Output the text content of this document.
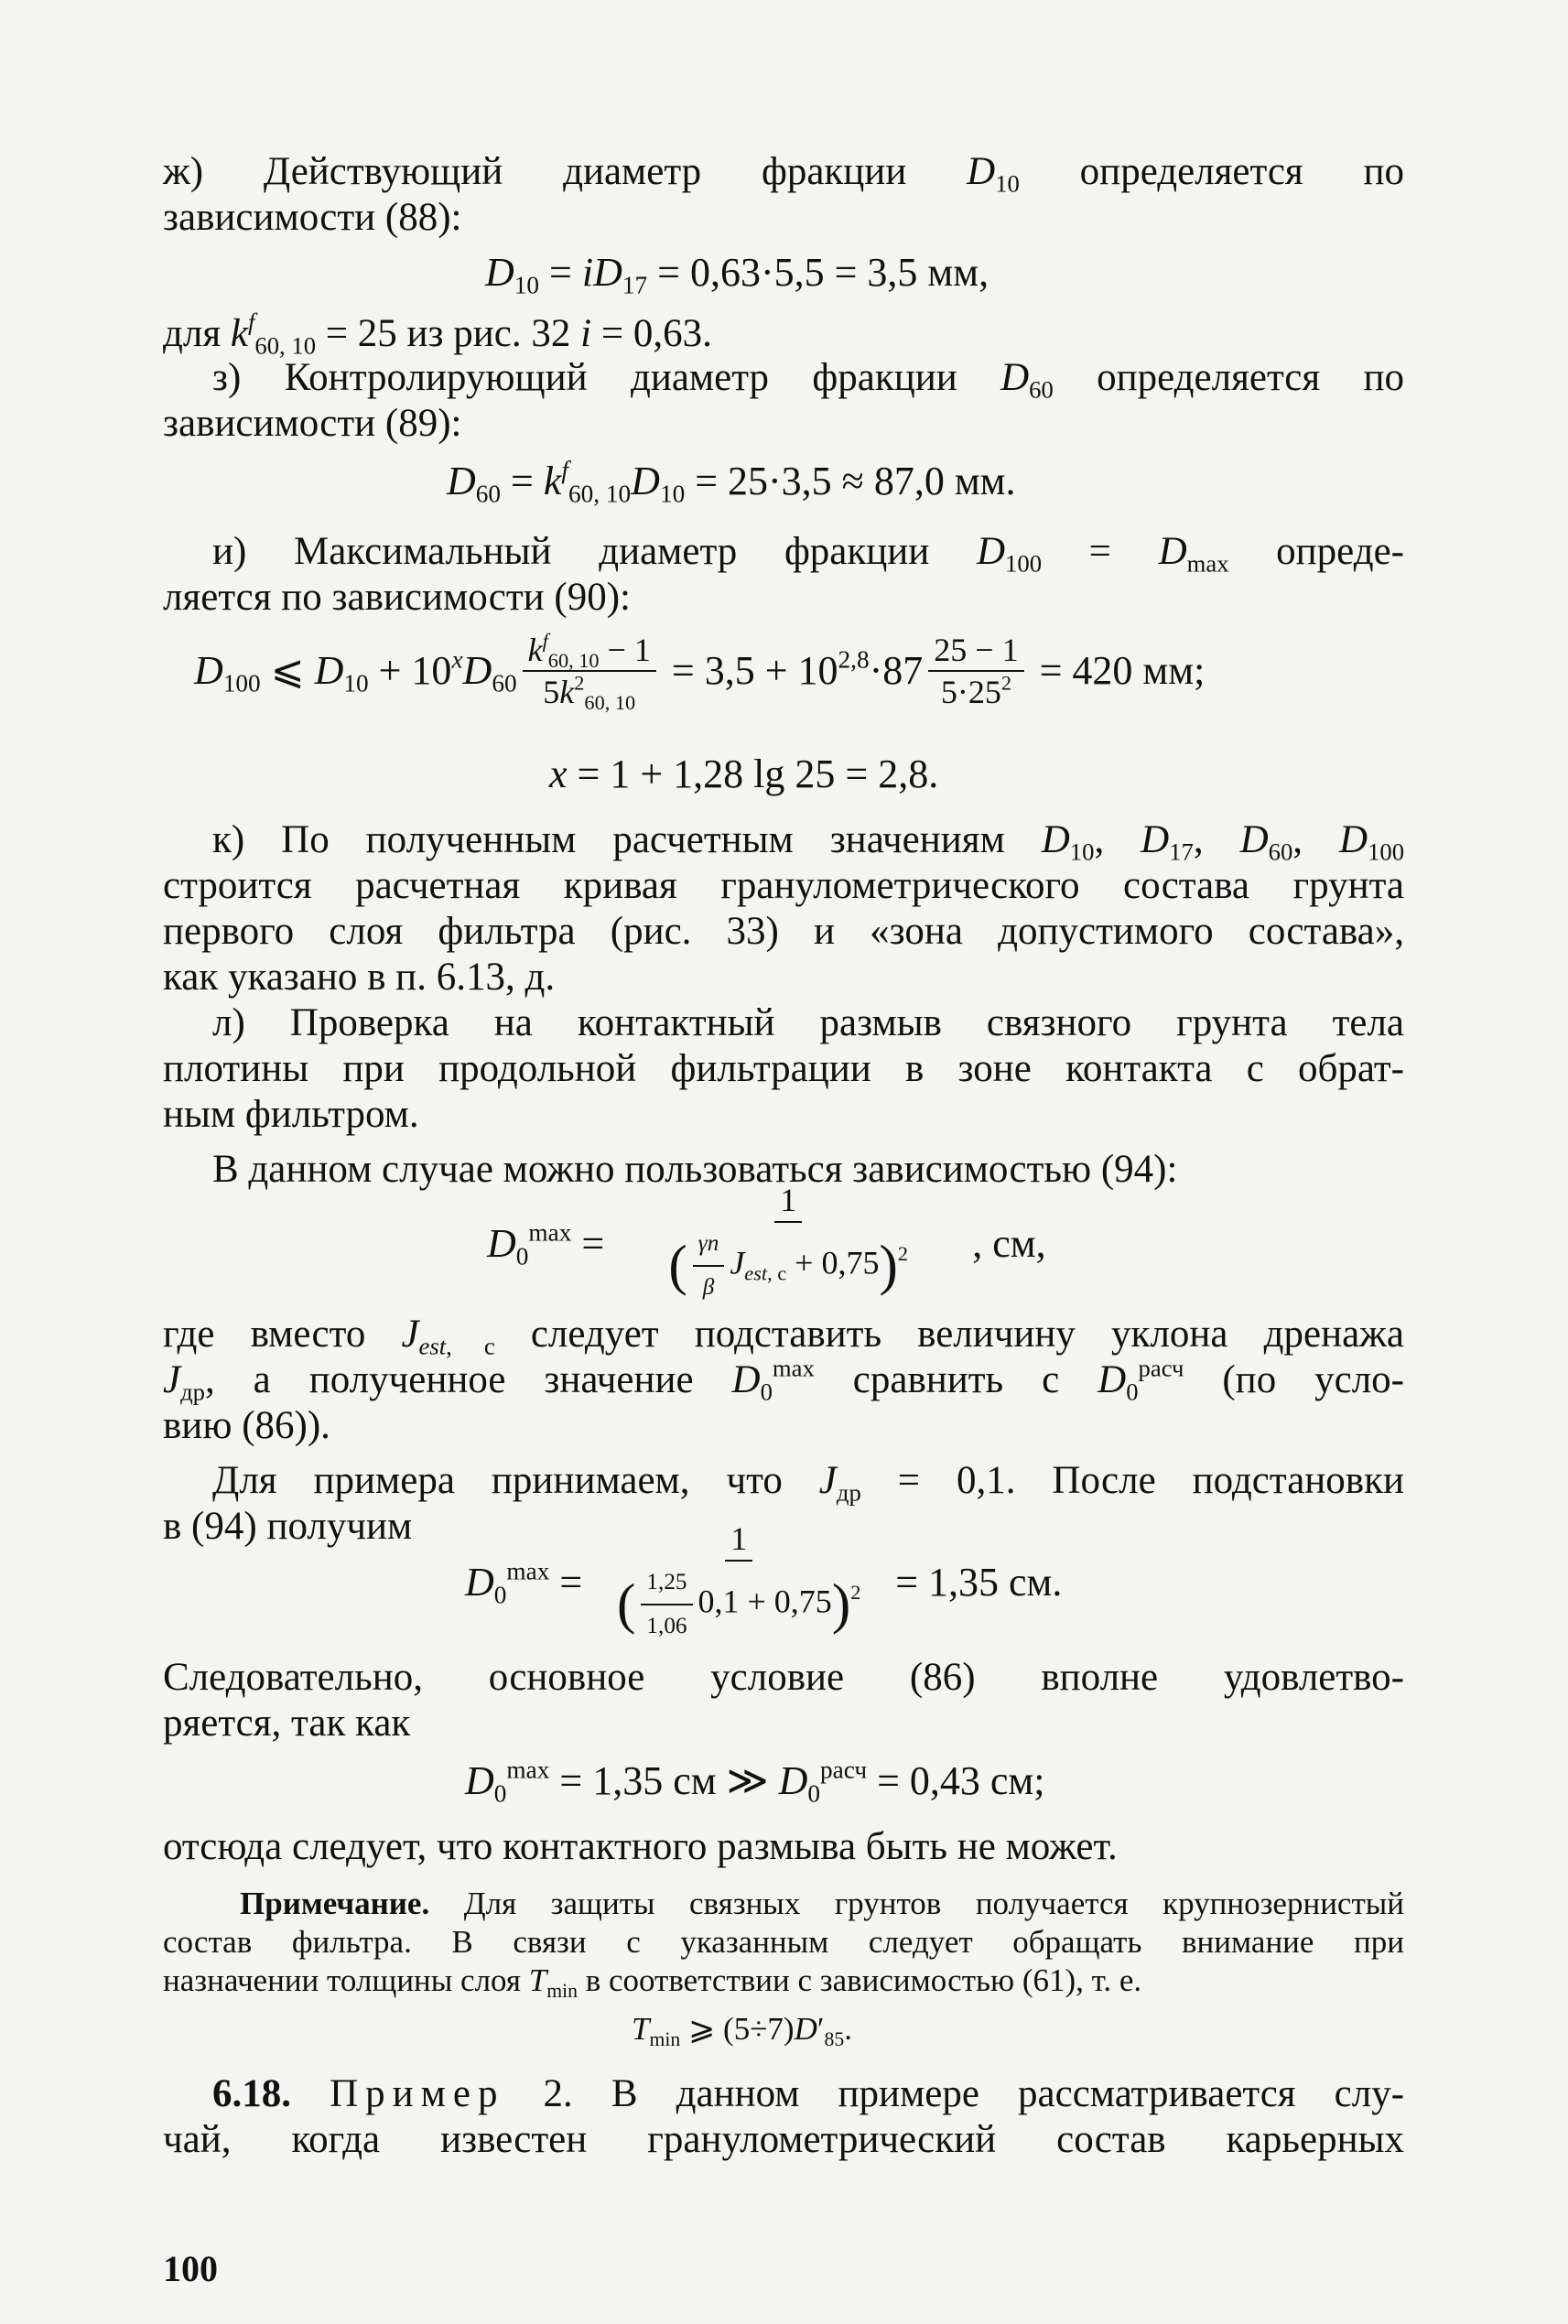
ж) Действующий диаметр фракции $D_{10}$ определяется по

зависимости (88):

$D_{10} = iD_{17} = 0,63\cdot 5,5 = 3,5$ мм,

для $k^f_{60, 10} = 25$ из рис. 32 i = 0,63.

з) Контролирующий диаметр фракции $D_{60}$ определяется по

зависимости (89):

$D_{60} = k^f_{60, 10}D_{10} = 25\cdot 3,5 \approx 87,0$ мм.

и) Максимальный диаметр фракции $D_{100} = D_{max}$ опреде-

ляется по зависимости (90):

$D_{100}$ ⩽ $D_{10} + 10^xD_{60} \frac{k^f_{60, 10} - 1}{5k^2_{60, 10}} = 3,5 + 10^{2,8}\cdot 87 \frac{25 - 1}{5\cdot 25^2} = 420$ мм;

x = 1 + 1,28 lg 25 = 2,8.

к) По полученным расчетным значениям $D_{10}$, $D_{17}$, $D_{60}$, $D_{100}$

строится расчетная кривая гранулометрического состава грунта

первого слоя фильтра (рис. 33) и «зона допустимого состава»,

как указано в п. 6.13, д.

л) Проверка на контактный размыв связного грунта тела

плотины при продольной фильтрации в зоне контакта с обрат-

ным фильтром.

В данном случае можно пользоваться зависимостью (94):

$D_0^{max} = \frac{1}{( \frac{\gamma n}{\beta} J_{est, c} + 0,75)^2}$ , см,

где вместо $J_{est, c}$ следует подставить величину уклона дренажа

$J_{др}$, а полученное значение $D_0^{max}$ сравнить с $D_0^{расч}$ (по усло-

вию (86)).

Для примера принимаем, что $J_{др} = 0,1$. После подстановки

в (94) получим

$D_0^{max} = \frac{1}{( \frac{1,25}{1,06} 0,1 + 0,75)^2} = 1,35$ см.

Следовательно, основное условие (86) вполне удовлетво-

ряется, так как

$D_0^{max} = 1,35$ см ≫ $D_0^{расч} = 0,43$ см;

отсюда следует, что контактного размыва быть не может.

Примечание. Для защиты связных грунтов получается крупнозернистый

состав фильтра. В связи с указанным следует обращать внимание при

назначении толщины слоя $T_{min}$ в соответствии с зависимостью (61), т. е.

$T_{min}$ ⩾ $(5\div 7)D'_{85}$.

6.18. Пример 2. В данном примере рассматривается слу-

чай, когда известен гранулометрический состав карьерных

100
